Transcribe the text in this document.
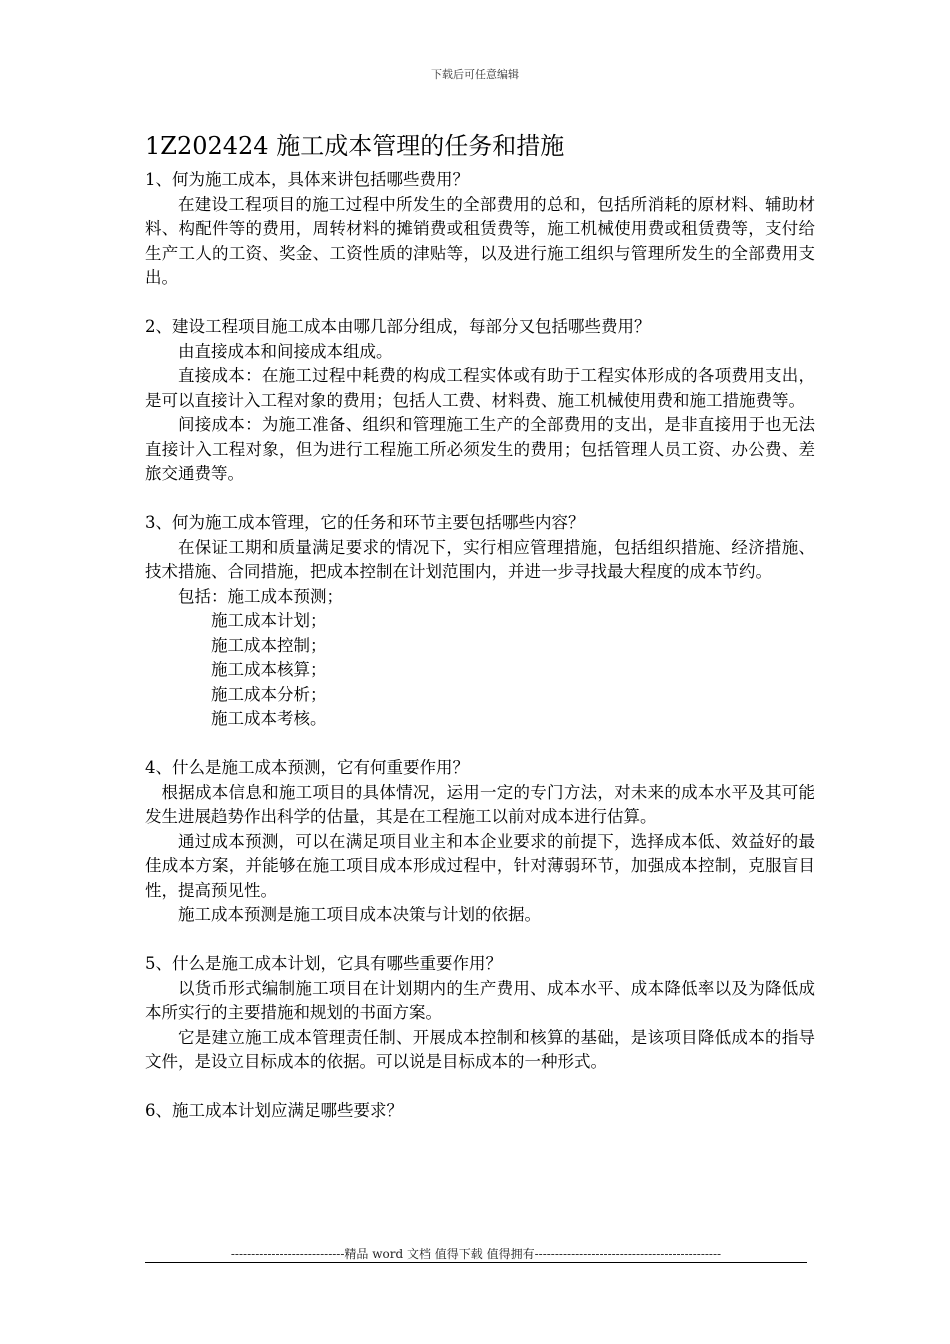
下载后可任意编辑
1Z202424 施工成本管理的任务和措施

1、何为施工成本，具体来讲包括哪些费用？

在建设工程项目的施工过程中所发生的全部费用的总和，包括所消耗的原材料、辅助材料、构配件等的费用，周转材料的摊销费或租赁费等，施工机械使用费或租赁费等，支付给生产工人的工资、奖金、工资性质的津贴等，以及进行施工组织与管理所发生的全部费用支出。

2、建设工程项目施工成本由哪几部分组成，每部分又包括哪些费用？

由直接成本和间接成本组成。

直接成本：在施工过程中耗费的构成工程实体或有助于工程实体形成的各项费用支出，是可以直接计入工程对象的费用；包括人工费、材料费、施工机械使用费和施工措施费等。

间接成本：为施工准备、组织和管理施工生产的全部费用的支出，是非直接用于也无法直接计入工程对象，但为进行工程施工所必须发生的费用；包括管理人员工资、办公费、差旅交通费等。

3、何为施工成本管理，它的任务和环节主要包括哪些内容？

在保证工期和质量满足要求的情况下，实行相应管理措施，包括组织措施、经济措施、技术措施、合同措施，把成本控制在计划范围内，并进一步寻找最大程度的成本节约。

包括：施工成本预测；

施工成本计划；

施工成本控制；

施工成本核算；

施工成本分析；

施工成本考核。

4、什么是施工成本预测，它有何重要作用？

根据成本信息和施工项目的具体情况，运用一定的专门方法，对未来的成本水平及其可能发生进展趋势作出科学的估量，其是在工程施工以前对成本进行估算。

通过成本预测，可以在满足项目业主和本企业要求的前提下，选择成本低、效益好的最佳成本方案，并能够在施工项目成本形成过程中，针对薄弱环节，加强成本控制，克服盲目性，提高预见性。

施工成本预测是施工项目成本决策与计划的依据。

5、什么是施工成本计划，它具有哪些重要作用？

以货币形式编制施工项目在计划期内的生产费用、成本水平、成本降低率以及为降低成本所实行的主要措施和规划的书面方案。

它是建立施工成本管理责任制、开展成本控制和核算的基础，是该项目降低成本的指导文件，是设立目标成本的依据。可以说是目标成本的一种形式。

6、施工成本计划应满足哪些要求？

----------------------------精品 word 文档 值得下载 值得拥有----------------------------------------------
